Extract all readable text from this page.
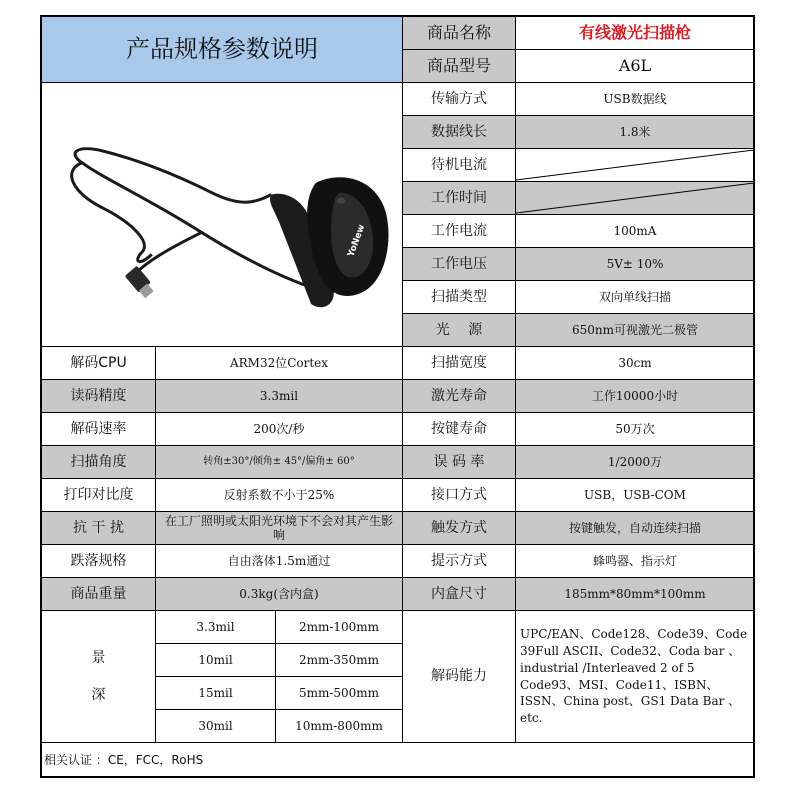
产品规格参数说明
商品名称	有线激光扫描枪
商品型号	A6L
YoNew
景
深
解码能力
UPC/EAN、Code128、Code39、Code 39Full ASCII、Code32、Coda bar 、industrial /Interleaved 2 of 5　Code93、MSI、Code11、ISBN、ISSN、China post、GS1 Data Bar 、etc.
相关认证 ：CE，FCC，RoHS
传输方式	USB数据线
数据线长	1.8米
待机电流
工作时间
工作电流	100mA
工作电压	5V± 10%
扫描类型	双向单线扫描
光　 源	650nm可视激光二极管
解码CPU	ARM32位Cortex	扫描宽度	30cm
读码精度	3.3mil	激光寿命	工作10000小时
解码速率	200次/秒	按键寿命	50万次
扫描角度	转角±30°/倾角± 45°/偏角± 60°	误 码 率	1/2000万
打印对比度	反射系数不小于25%	接口方式	USB，USB-COM
抗 干 扰	在工厂照明或太阳光环境下不会对其产生影响	触发方式	按键触发，自动连续扫描
跌落规格	自由落体1.5m通过	提示方式	蜂鸣器、指示灯
商品重量	0.3kg(含内盒)	内盒尺寸	185mm*80mm*100mm
3.3mil	2mm-100mm
10mil	2mm-350mm
15mil	5mm-500mm
30mil	10mm-800mm
